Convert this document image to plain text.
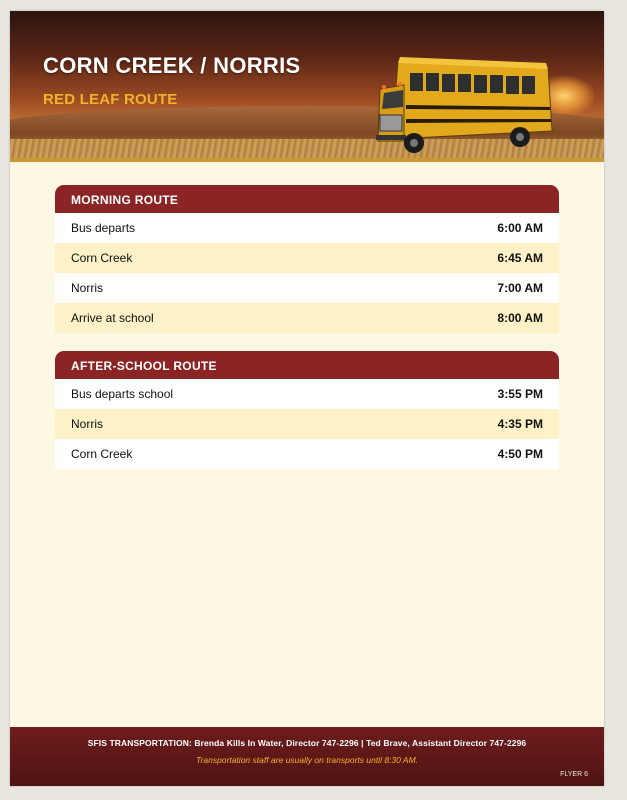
CORN CREEK / NORRIS
RED LEAF ROUTE
MORNING ROUTE
Bus departs	6:00 AM
Corn Creek	6:45 AM
Norris	7:00 AM
Arrive at school	8:00 AM
AFTER-SCHOOL ROUTE
Bus departs school	3:55 PM
Norris	4:35 PM
Corn Creek	4:50 PM
SFIS TRANSPORTATION: Brenda Kills In Water, Director 747-2296 | Ted Brave, Assistant Director 747-2296
Transportation staff are usually on transports until 8:30 AM.
FLYER 6
